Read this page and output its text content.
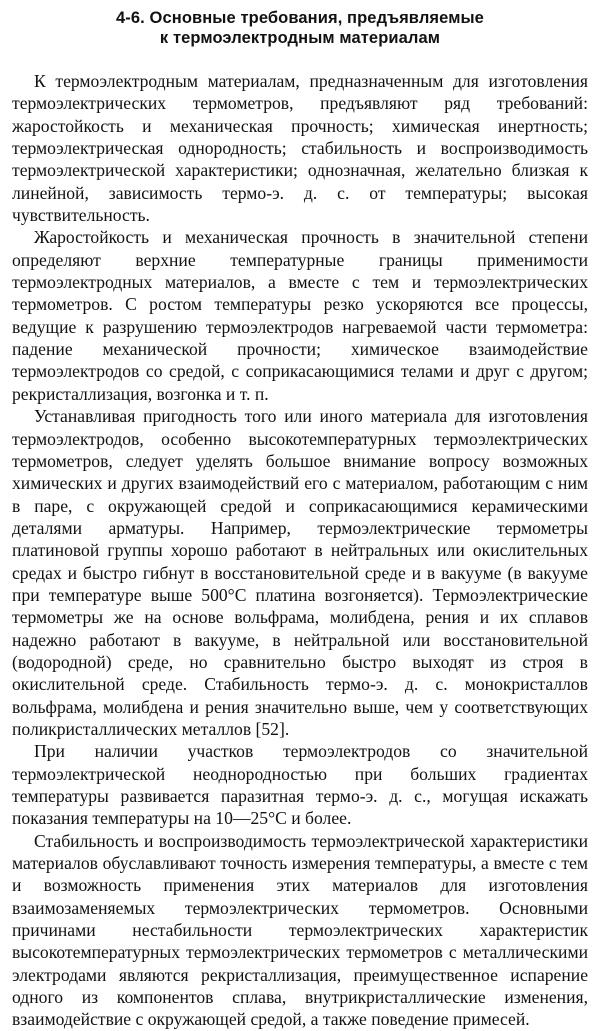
4-6. Основные требования, предъявляемые
к термоэлектродным материалам

К термоэлектродным материалам, предназначенным для изготовления термоэлектрических термометров, предъявляют ряд требований: жаростойкость и механическая прочность; химическая инертность; термоэлектрическая однородность; стабильность и воспроизводимость термоэлектрической характеристики; однозначная, желательно близкая к линейной, зависимость термо-э. д. с. от температуры; высокая чувствительность.

Жаростойкость и механическая прочность в значительной степени определяют верхние температурные границы применимости термоэлектродных материалов, а вместе с тем и термоэлектрических термометров. С ростом температуры резко ускоряются все процессы, ведущие к разрушению термоэлектродов нагреваемой части термометра: падение механической прочности; химическое взаимодействие термоэлектродов со средой, с соприкасающимися телами и друг с другом; рекристаллизация, возгонка и т. п.

Устанавливая пригодность того или иного материала для изготовления термоэлектродов, особенно высокотемпературных термоэлектрических термометров, следует уделять большое внимание вопросу возможных химических и других взаимодействий его с материалом, работающим с ним в паре, с окружающей средой и соприкасающимися керамическими деталями арматуры. Например, термоэлектрические термометры платиновой группы хорошо работают в нейтральных или окислительных средах и быстро гибнут в восстановительной среде и в вакууме (в вакууме при температуре выше 500°C платина возгоняется). Термоэлектрические термометры же на основе вольфрама, молибдена, рения и их сплавов надежно работают в вакууме, в нейтральной или восстановительной (водородной) среде, но сравнительно быстро выходят из строя в окислительной среде. Стабильность термо-э. д. с. монокристаллов вольфрама, молибдена и рения значительно выше, чем у соответствующих поликристаллических металлов [52].

При наличии участков термоэлектродов со значительной термоэлектрической неоднородностью при больших градиентах температуры развивается паразитная термо-э. д. с., могущая искажать показания температуры на 10—25°C и более.

Стабильность и воспроизводимость термоэлектрической характеристики материалов обуславливают точность измерения температуры, а вместе с тем и возможность применения этих материалов для изготовления взаимозаменяемых термоэлектрических термометров. Основными причинами нестабильности термоэлектрических характеристик высокотемпературных термоэлектрических термометров с металлическими электродами являются рекристаллизация, преимущественное испарение одного из компонентов сплава, внутрикристаллические изменения, взаимодействие с окружающей средой, а также поведение примесей.
